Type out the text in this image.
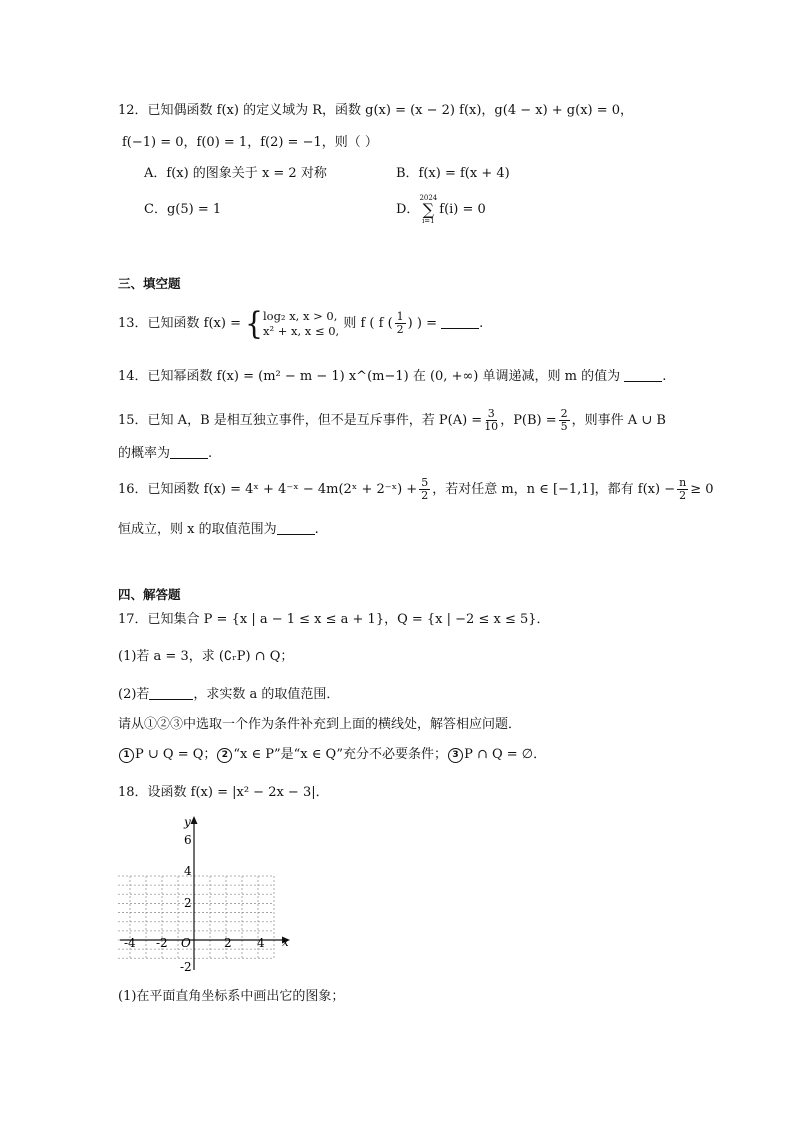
12．已知偶函数 f(x) 的定义域为 R，函数 g(x) = (x − 2) f(x)，g(4 − x) + g(x) = 0，
f(−1) = 0，f(0) = 1，f(2) = −1，则（ ）
A．f(x) 的图象关于 x = 2 对称	B．f(x) = f(x + 4)
C．g(5) = 1	D．
2024
∑
i=1
f(i) = 0
三、填空题
13．已知函数 f(x) = { log₂ x, x > 0,
x² + x, x ≤ 0, 则 f ( f ( $\frac{1}{2}$ ) ) =	.
14．已知幂函数 f(x) = (m² − m − 1) x^(m−1) 在 (0, +∞) 单调递减，则 m 的值为	.
15．已知 A，B 是相互独立事件，但不是互斥事件，若 $P(A) = \frac{3}{10}$ ，$P(B) = \frac{2}{5}$ ，则事件 A ∪ B
的概率为	.
16．已知函数 f(x) = 4ˣ + 4⁻ˣ − 4m(2ˣ + 2⁻ˣ) + $\frac{5}{2}$ ，若对任意 m，n ∈ [−1,1]，都有 $f(x) - \frac{n}{2} \ge 0$
恒成立，则 x 的取值范围为	.
四、解答题
17．已知集合 P = {x | a − 1 ≤ x ≤ a + 1}，Q = {x | −2 ≤ x ≤ 5}．
(1)若 a = 3，求 (∁ᵣP) ∩ Q；
(2)若	，求实数 a 的取值范围．
请从①②③中选取一个作为条件补充到上面的横线处，解答相应问题．
1 P ∪ Q = Q； 2 “x ∈ P”是“x ∈ Q”充分不必要条件； 3 P ∩ Q = ∅．
18．设函数 f(x) = |x² − 2x − 3|．
x
y
O
-4 -2	2 4
6
4
2
-2
(1)在平面直角坐标系中画出它的图象；
